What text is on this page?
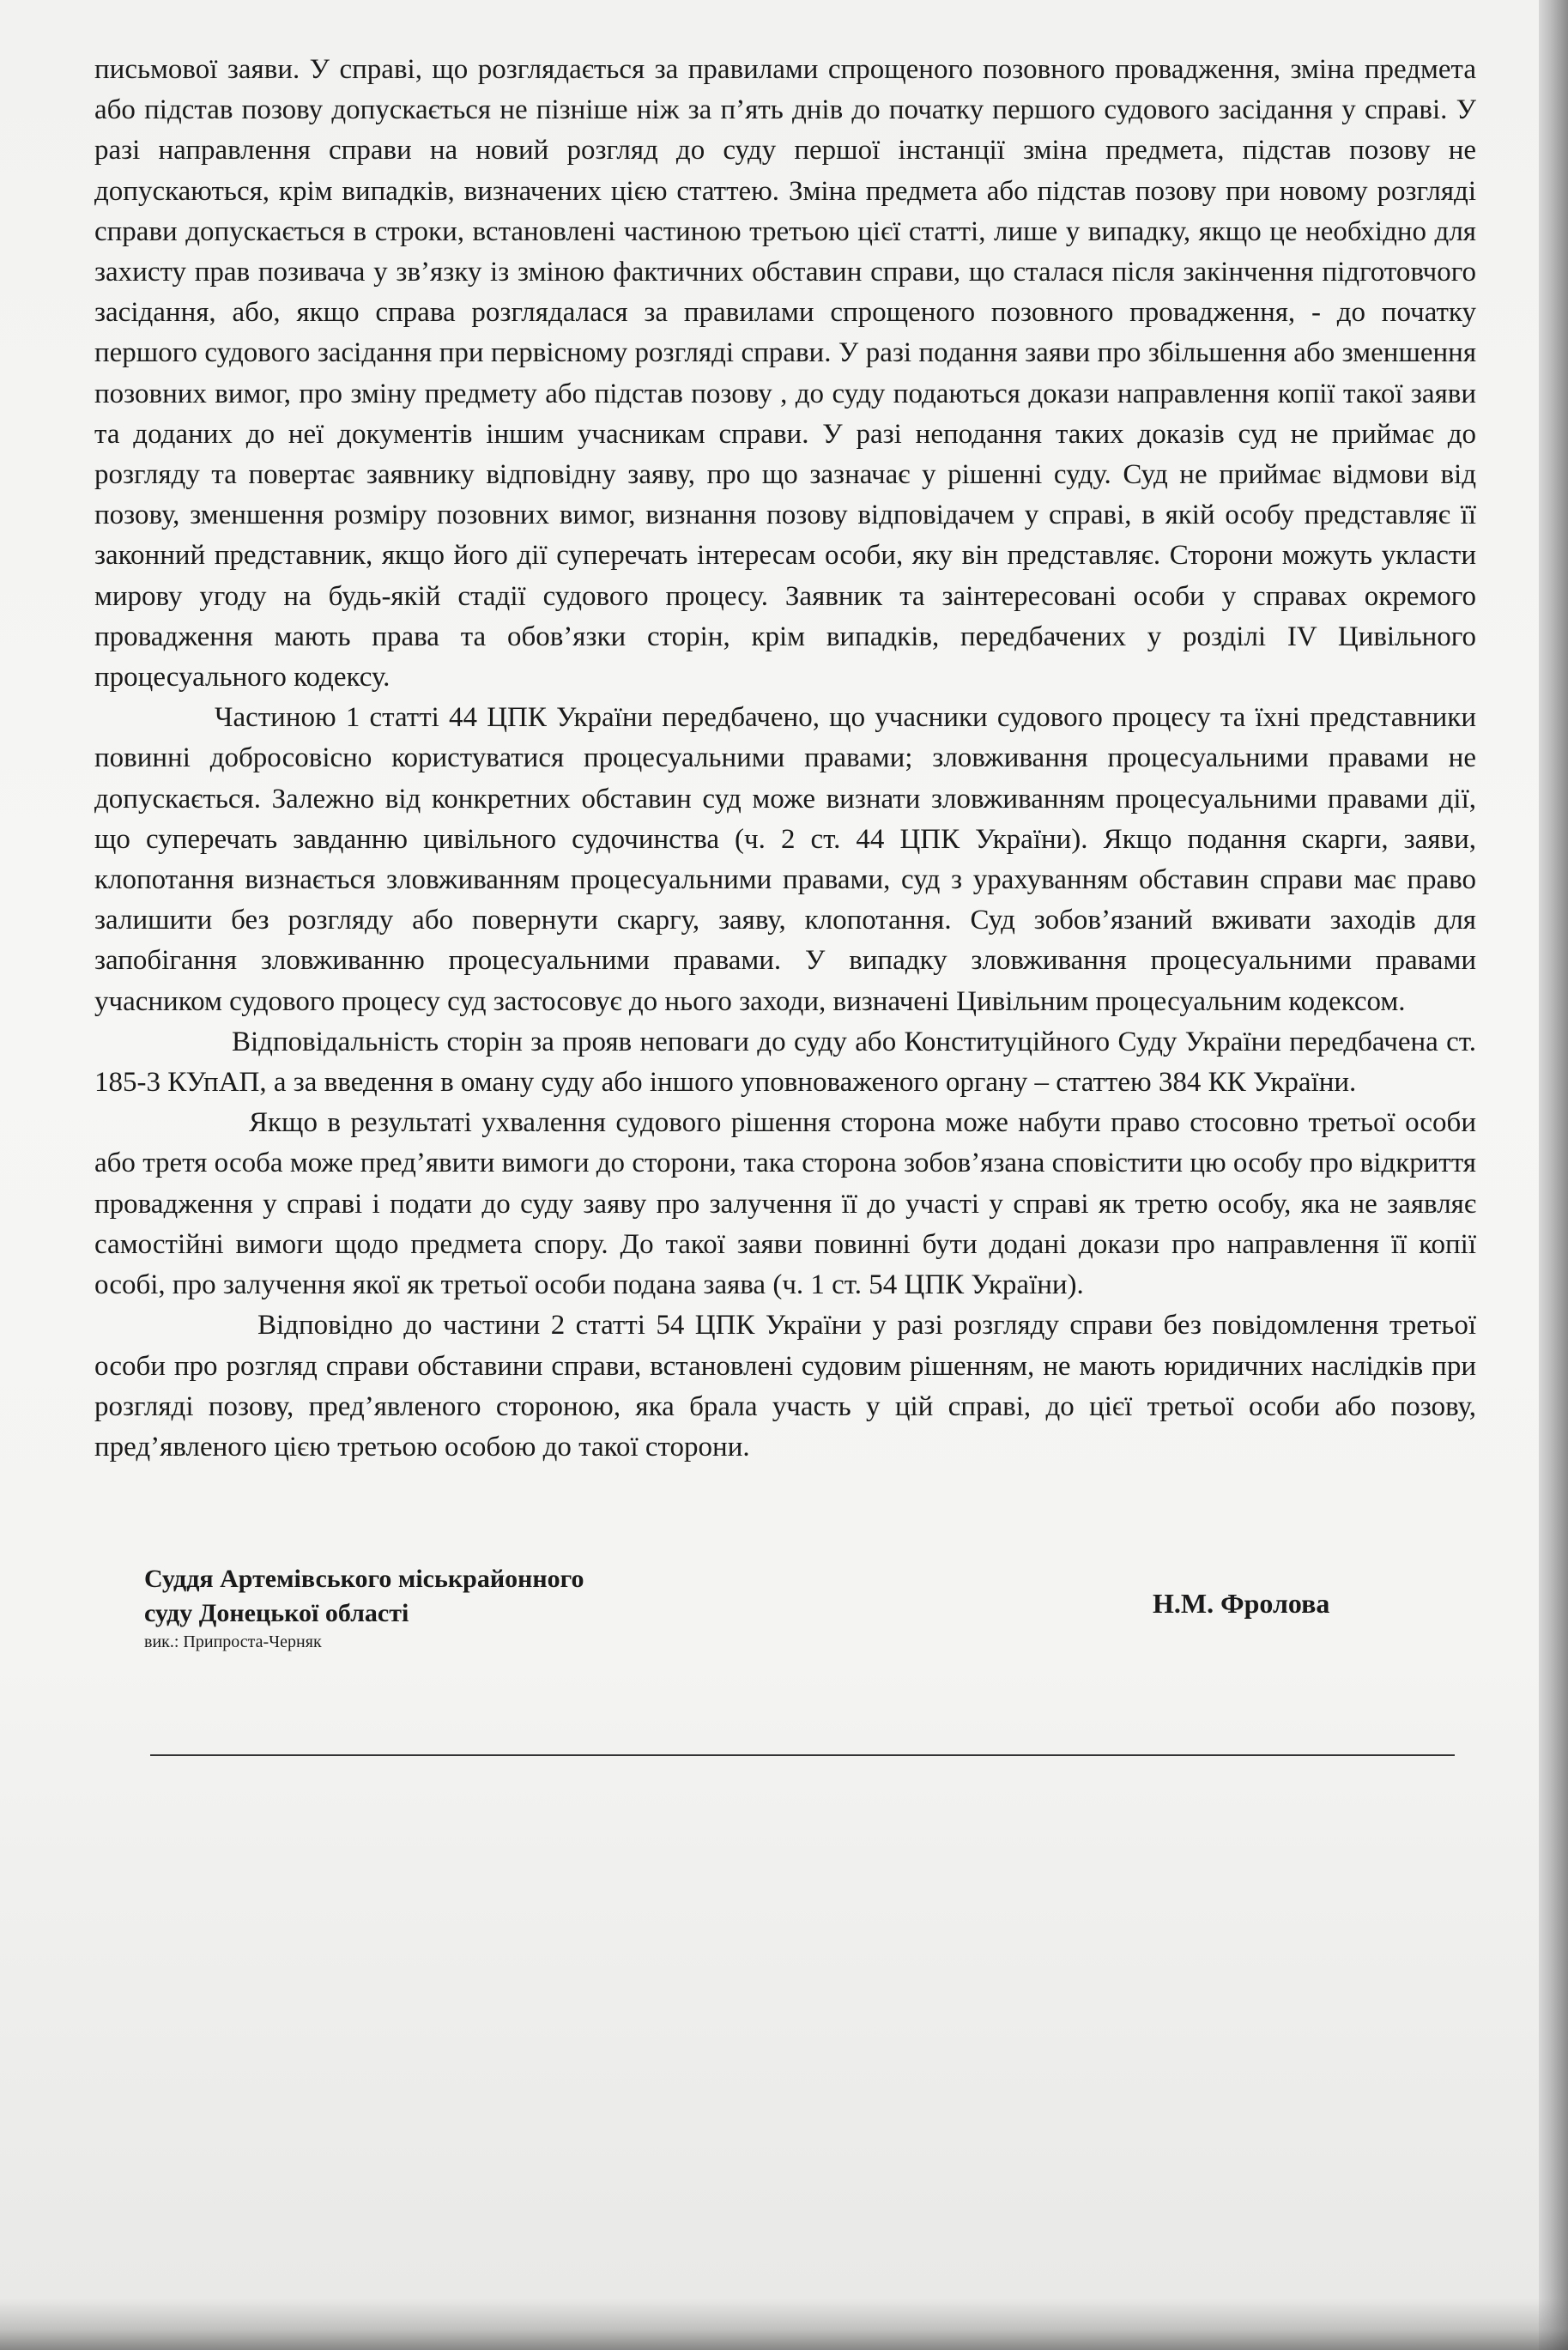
письмової заяви. У справі, що розглядається за правилами спрощеного позовного провадження, зміна предмета або підстав позову допускається не пізніше ніж за п’ять днів до початку першого судового засідання у справі. У разі направлення справи на новий розгляд до суду першої інстанції зміна предмета, підстав позову не допускаються, крім випадків, визначених цією статтею. Зміна предмета або підстав позову при новому розгляді справи допускається в строки, встановлені частиною третьою цієї статті, лише у випадку, якщо це необхідно для захисту прав позивача у зв’язку із зміною фактичних обставин справи, що сталася після закінчення підготовчого засідання, або, якщо справа розглядалася за правилами спрощеного позовного провадження, - до початку першого судового засідання при первісному розгляді справи. У разі подання заяви про збільшення або зменшення позовних вимог, про зміну предмету або підстав позову , до суду подаються докази направлення копії такої заяви та доданих до неї документів іншим учасникам справи. У разі неподання таких доказів суд не приймає до розгляду та повертає заявнику відповідну заяву, про що зазначає у рішенні суду. Суд не приймає відмови від позову, зменшення розміру позовних вимог, визнання позову відповідачем у справі, в якій особу представляє її законний представник, якщо його дії суперечать інтересам особи, яку він представляє. Сторони можуть укласти мирову угоду на будь-якій стадії судового процесу. Заявник та заінтересовані особи у справах окремого провадження мають права та обов’язки сторін, крім випадків, передбачених у розділі IV Цивільного процесуального кодексу.

Частиною 1 статті 44 ЦПК України передбачено, що учасники судового процесу та їхні представники повинні добросовісно користуватися процесуальними правами; зловживання процесуальними правами не допускається. Залежно від конкретних обставин суд може визнати зловживанням процесуальними правами дії, що суперечать завданню цивільного судочинства (ч. 2 ст. 44 ЦПК України). Якщо подання скарги, заяви, клопотання визнається зловживанням процесуальними правами, суд з урахуванням обставин справи має право залишити без розгляду або повернути скаргу, заяву, клопотання. Суд зобов’язаний вживати заходів для запобігання зловживанню процесуальними правами. У випадку зловживання процесуальними правами учасником судового процесу суд застосовує до нього заходи, визначені Цивільним процесуальним кодексом.

Відповідальність сторін за прояв неповаги до суду або Конституційного Суду України передбачена ст. 185-3 КУпАП, а за введення в оману суду або іншого уповноваженого органу – статтею 384 КК України.

Якщо в результаті ухвалення судового рішення сторона може набути право стосовно третьої особи або третя особа може пред’явити вимоги до сторони, така сторона зобов’язана сповістити цю особу про відкриття провадження у справі і подати до суду заяву про залучення її до участі у справі як третю особу, яка не заявляє самостійні вимоги щодо предмета спору. До такої заяви повинні бути додані докази про направлення її копії особі, про залучення якої як третьої особи подана заява (ч. 1 ст. 54 ЦПК України).

Відповідно до частини 2 статті 54 ЦПК України у разі розгляду справи без повідомлення третьої особи про розгляд справи обставини справи, встановлені судовим рішенням, не мають юридичних наслідків при розгляді позову, пред’явленого стороною, яка брала участь у цій справі, до цієї третьої особи або позову, пред’явленого цією третьою особою до такої сторони.

Суддя Артемівського міськрайонного
суду Донецької області
вик.: Припроста-Черняк
Н.М. Фролова
